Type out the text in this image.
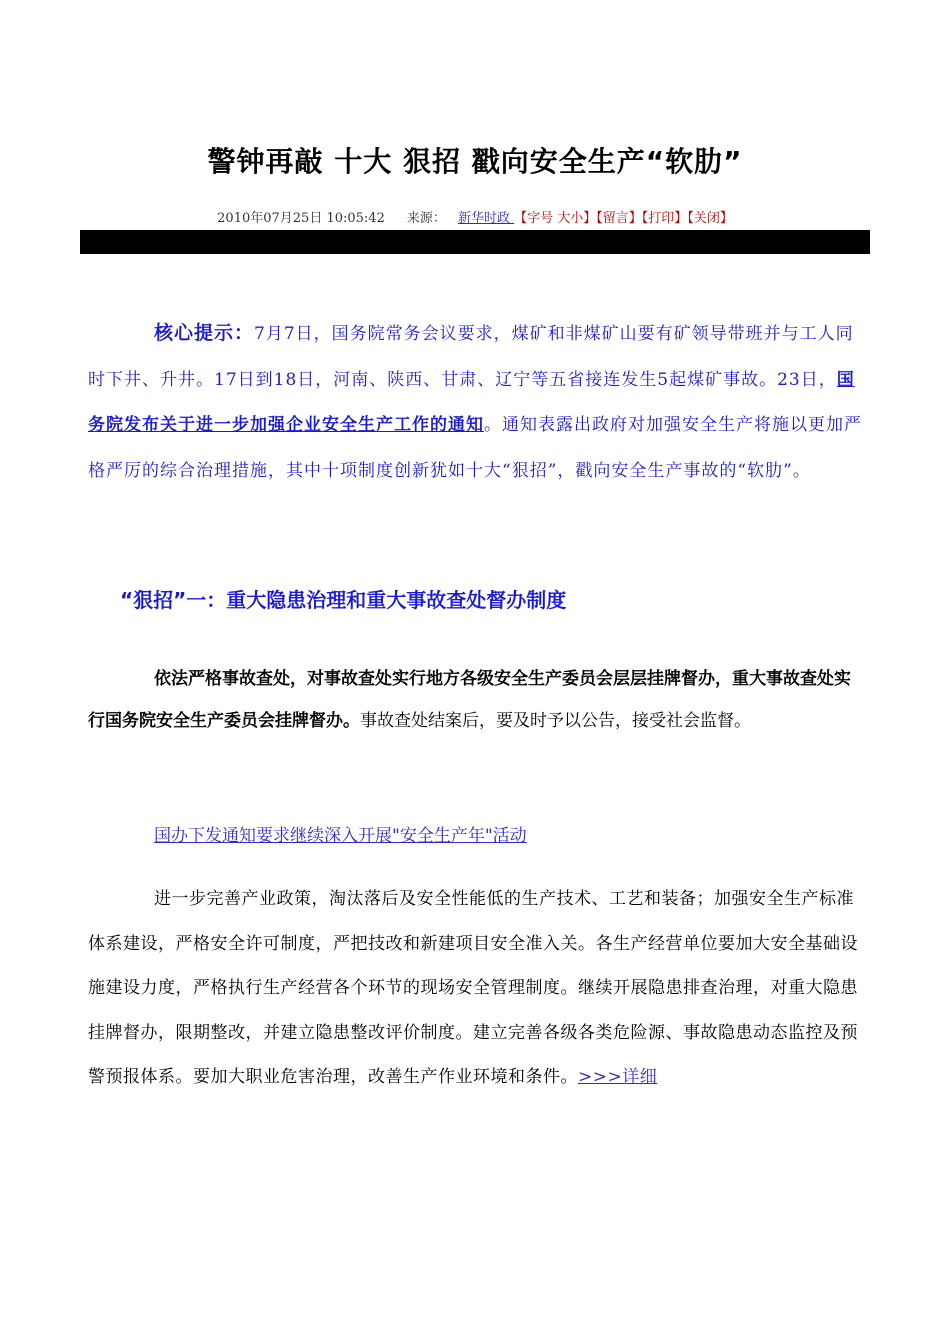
警钟再敲 十大 狠招 戳向安全生产“软肋”
2010年07月25日 10:05:42 来源： 新华时政 【字号 大小】【留言】【打印】【关闭】
核心提示：7月7日，国务院常务会议要求，煤矿和非煤矿山要有矿领导带班并与工人同时下井、升井。17日到18日，河南、陕西、甘肃、辽宁等五省接连发生5起煤矿事故。23日，国务院发布关于进一步加强企业安全生产工作的通知。通知表露出政府对加强安全生产将施以更加严格严厉的综合治理措施，其中十项制度创新犹如十大“狠招”，戳向安全生产事故的“软肋”。
“狠招”一：重大隐患治理和重大事故查处督办制度
依法严格事故查处，对事故查处实行地方各级安全生产委员会层层挂牌督办，重大事故查处实行国务院安全生产委员会挂牌督办。事故查处结案后，要及时予以公告，接受社会监督。
国办下发通知要求继续深入开展"安全生产年"活动
进一步完善产业政策，淘汰落后及安全性能低的生产技术、工艺和装备；加强安全生产标准体系建设，严格安全许可制度，严把技改和新建项目安全准入关。各生产经营单位要加大安全基础设施建设力度，严格执行生产经营各个环节的现场安全管理制度。继续开展隐患排查治理，对重大隐患挂牌督办，限期整改，并建立隐患整改评价制度。建立完善各级各类危险源、事故隐患动态监控及预警预报体系。要加大职业危害治理，改善生产作业环境和条件。>>>详细
